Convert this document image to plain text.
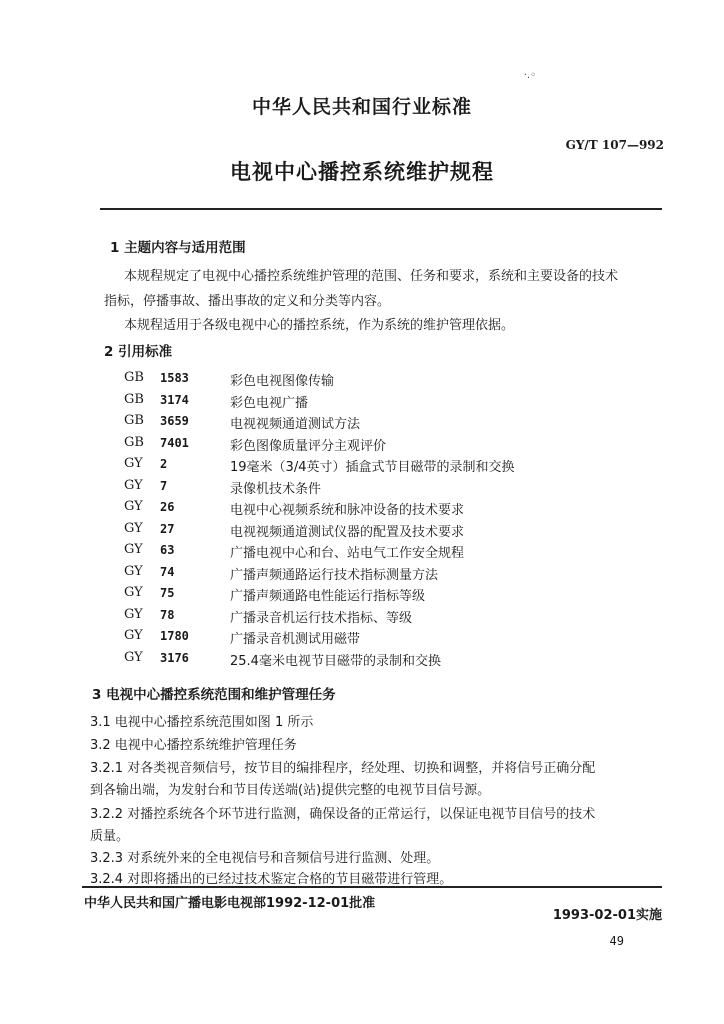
·.◦
中华人民共和国行业标准
GY/T 107—992
电视中心播控系统维护规程
1 主题内容与适用范围
本规程规定了电视中心播控系统维护管理的范围、任务和要求，系统和主要设备的技术
指标，停播事故、播出事故的定义和分类等内容。
本规程适用于各级电视中心的播控系统，作为系统的维护管理依据。
2 引用标准
GB	1583	彩色电视图像传输
GB	3174	彩色电视广播
GB	3659	电视视频通道测试方法
GB	7401	彩色图像质量评分主观评价
GY	2	19毫米（3/4英寸）插盒式节目磁带的录制和交换
GY	7	录像机技术条件
GY	26	电视中心视频系统和脉冲设备的技术要求
GY	27	电视视频通道测试仪器的配置及技术要求
GY	63	广播电视中心和台、站电气工作安全规程
GY	74	广播声频通路运行技术指标测量方法
GY	75	广播声频通路电性能运行指标等级
GY	78	广播录音机运行技术指标、等级
GY	1780	广播录音机测试用磁带
GY	3176	25.4毫米电视节目磁带的录制和交换
3 电视中心播控系统范围和维护管理任务
3.1 电视中心播控系统范围如图 1 所示
3.2 电视中心播控系统维护管理任务
3.2.1 对各类视音频信号，按节目的编排程序，经处理、切换和调整，并将信号正确分配
到各输出端，为发射台和节目传送端(站)提供完整的电视节目信号源。
3.2.2 对播控系统各个环节进行监测，确保设备的正常运行，以保证电视节目信号的技术
质量。
3.2.3 对系统外来的全电视信号和音频信号进行监测、处理。
3.2.4 对即将播出的已经过技术鉴定合格的节目磁带进行管理。
中华人民共和国广播电影电视部1992-12-01批准
1993-02-01实施
49
